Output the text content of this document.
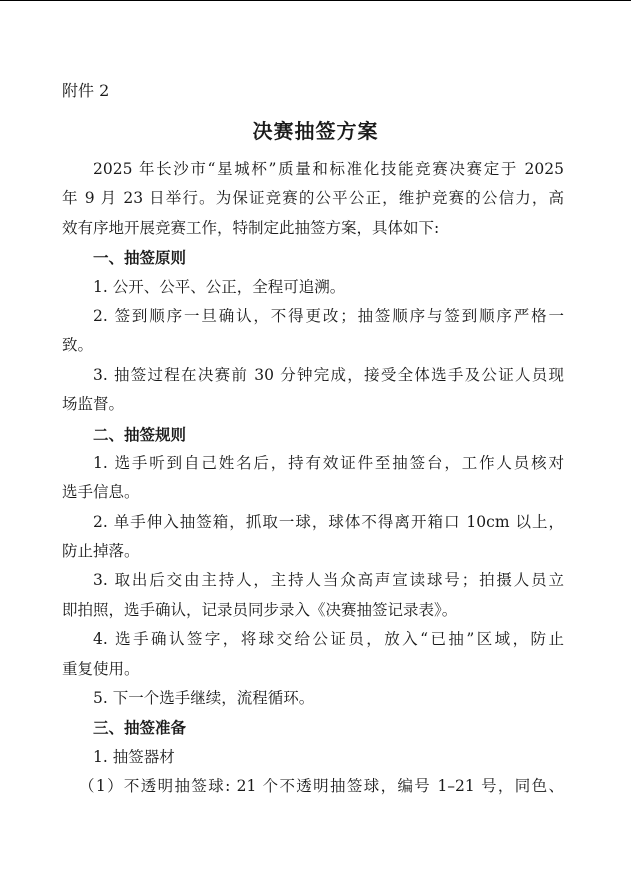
附件 2
决赛抽签方案
2025 年长沙市“星城杯”质量和标准化技能竞赛决赛定于 2025
年 9 月 23 日举行。为保证竞赛的公平公正，维护竞赛的公信力，高
效有序地开展竞赛工作，特制定此抽签方案，具体如下:
一、抽签原则
1. 公开、公平、公正，全程可追溯。
2. 签到顺序一旦确认，不得更改；抽签顺序与签到顺序严格一
致。
3. 抽签过程在决赛前 30 分钟完成，接受全体选手及公证人员现
场监督。
二、抽签规则
1. 选手听到自己姓名后，持有效证件至抽签台，工作人员核对
选手信息。
2. 单手伸入抽签箱，抓取一球，球体不得离开箱口 10cm 以上，
防止掉落。
3. 取出后交由主持人，主持人当众高声宣读球号；拍摄人员立
即拍照，选手确认，记录员同步录入《决赛抽签记录表》。
4. 选手确认签字，将球交给公证员，放入“已抽”区域，防止
重复使用。
5. 下一个选手继续，流程循环。
三、抽签准备
1. 抽签器材
（1）不透明抽签球: 21 个不透明抽签球，编号 1–21 号，同色、
